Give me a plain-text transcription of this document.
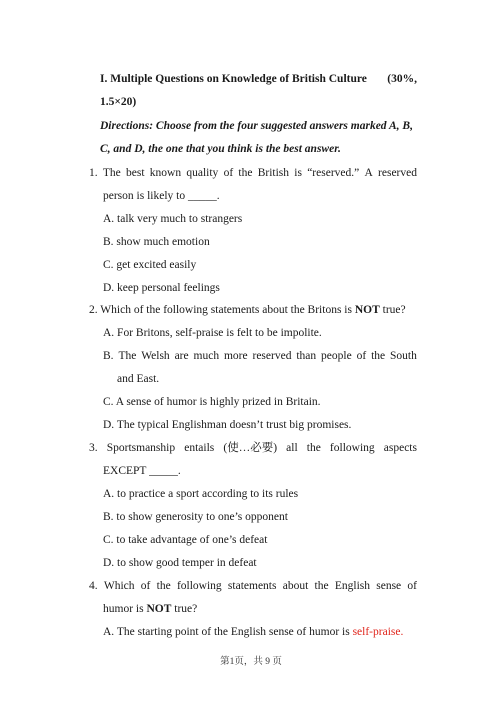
I. Multiple Questions on Knowledge of British Culture (30%,
1.5×20)
Directions: Choose from the four suggested answers marked A, B,
C, and D, the one that you think is the best answer.
1. The best known quality of the British is “reserved.” A reserved
person is likely to _____.
A. talk very much to strangers
B. show much emotion
C. get excited easily
D. keep personal feelings
2. Which of the following statements about the Britons is NOT true?
A. For Britons, self-praise is felt to be impolite.
B. The Welsh are much more reserved than people of the South
and East.
C. A sense of humor is highly prized in Britain.
D. The typical Englishman doesn’t trust big promises.
3. Sportsmanship entails (使…必要) all the following aspects
EXCEPT _____.
A. to practice a sport according to its rules
B. to show generosity to one’s opponent
C. to take advantage of one’s defeat
D. to show good temper in defeat
4. Which of the following statements about the English sense of
humor is NOT true?
A. The starting point of the English sense of humor is self-praise.
第1页，共 9 页
